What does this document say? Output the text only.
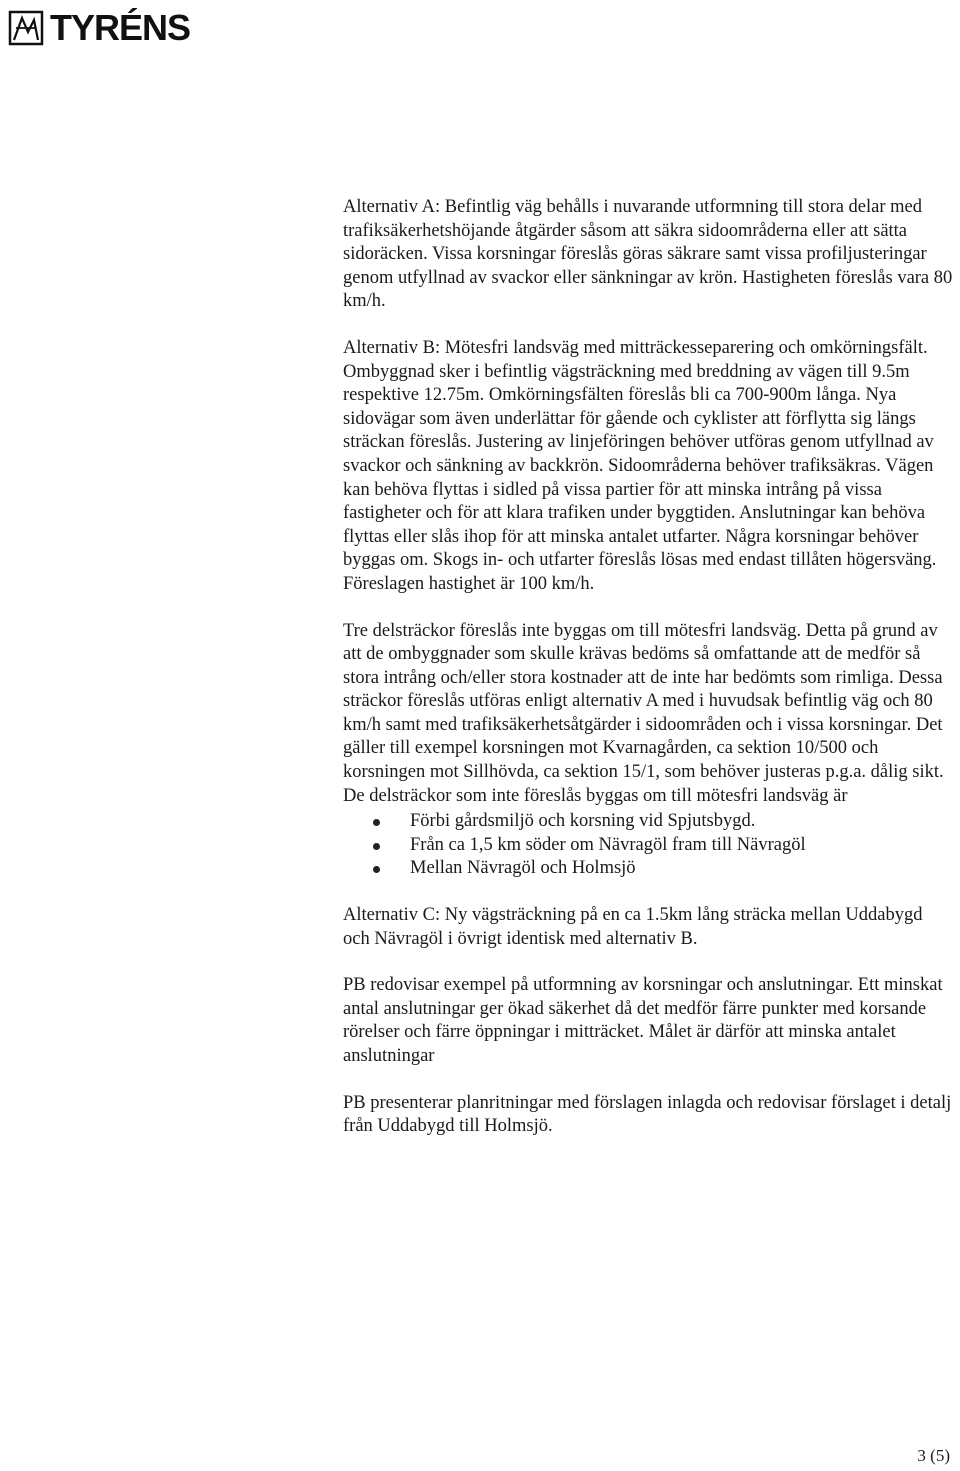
TYRÉNS

Alternativ A: Befintlig väg behålls i nuvarande utformning till stora delar med trafiksäkerhetshöjande åtgärder såsom att säkra sidoområderna eller att sätta sidoräcken. Vissa korsningar föreslås göras säkrare samt vissa profiljusteringar genom utfyllnad av svackor eller sänkningar av krön. Hastigheten föreslås vara 80 km/h.

Alternativ B: Mötesfri landsväg med mitträckesseparering och omkörningsfält. Ombyggnad sker i befintlig vägsträckning med breddning av vägen till 9.5m respektive 12.75m. Omkörningsfälten föreslås bli ca 700-900m långa. Nya sidovägar som även underlättar för gående och cyklister att förflytta sig längs sträckan föreslås. Justering av linjeföringen behöver utföras genom utfyllnad av svackor och sänkning av backkrön. Sidoområderna behöver trafiksäkras. Vägen kan behöva flyttas i sidled på vissa partier för att minska intrång på vissa fastigheter och för att klara trafiken under byggtiden. Anslutningar kan behöva flyttas eller slås ihop för att minska antalet utfarter. Några korsningar behöver byggas om. Skogs in- och utfarter föreslås lösas med endast tillåten högersväng. Föreslagen hastighet är 100 km/h.

Tre delsträckor föreslås inte byggas om till mötesfri landsväg. Detta på grund av att de ombyggnader som skulle krävas bedöms så omfattande att de medför så stora intrång och/eller stora kostnader att de inte har bedömts som rimliga. Dessa sträckor föreslås utföras enligt alternativ A med i huvudsak befintlig väg och 80 km/h samt med trafiksäkerhetsåtgärder i sidoområden och i vissa korsningar. Det gäller till exempel korsningen mot Kvarnagården, ca sektion 10/500 och korsningen mot Sillhövda, ca sektion 15/1, som behöver justeras p.g.a. dålig sikt. De delsträckor som inte föreslås byggas om till mötesfri landsväg är

Förbi gårdsmiljö och korsning vid Spjutsbygd.
Från ca 1,5 km söder om Nävragöl fram till Nävragöl
Mellan Nävragöl och Holmsjö

Alternativ C: Ny vägsträckning på en ca 1.5km lång sträcka mellan Uddabygd och Nävragöl i övrigt identisk med alternativ B.

PB redovisar exempel på utformning av korsningar och anslutningar. Ett minskat antal anslutningar ger ökad säkerhet då det medför färre punkter med korsande rörelser och färre öppningar i mitträcket. Målet är därför att minska antalet anslutningar

PB presenterar planritningar med förslagen inlagda och redovisar förslaget i detalj från Uddabygd till Holmsjö.

3 (5)
